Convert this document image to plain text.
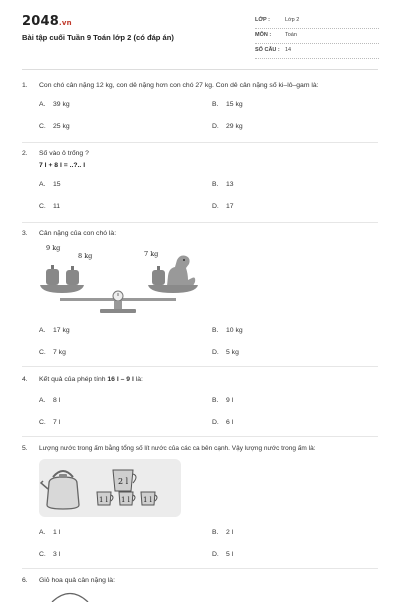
2048.vn
Bài tập cuối Tuần 9 Toán lớp 2 (có đáp án)
LỚP :	Lớp 2
MÔN :	Toán
SỐ CÂU : 14
1. Con chó cân nặng 12 kg, con dê nặng hơn con chó 27 kg. Con dê cân nặng số ki–lô–gam là:
A. 39 kg	B. 15 kg
C. 25 kg	D. 29 kg
2. Số vào ô trống ?
7 l + 8 l = ..?.. l
A. 15	B. 13
C. 11	D. 17
3. Cân nặng của con chó là:
9 kg
8 kg	7 kg
A. 17 kg	B. 10 kg
C. 7 kg	D. 5 kg
4. Kết quả của phép tính 16 l – 9 l là:
A. 8 l	B. 9 l
C. 7 l	D. 6 l
5. Lượng nước trong ấm bằng tổng số lít nước của các ca bên cạnh. Vậy lượng nước trong ấm là:
2 l
1 l 1 l 1 l
A. 1 l	B. 2 l
C. 3 l	D. 5 l
6. Giỏ hoa quả cân nặng là:
